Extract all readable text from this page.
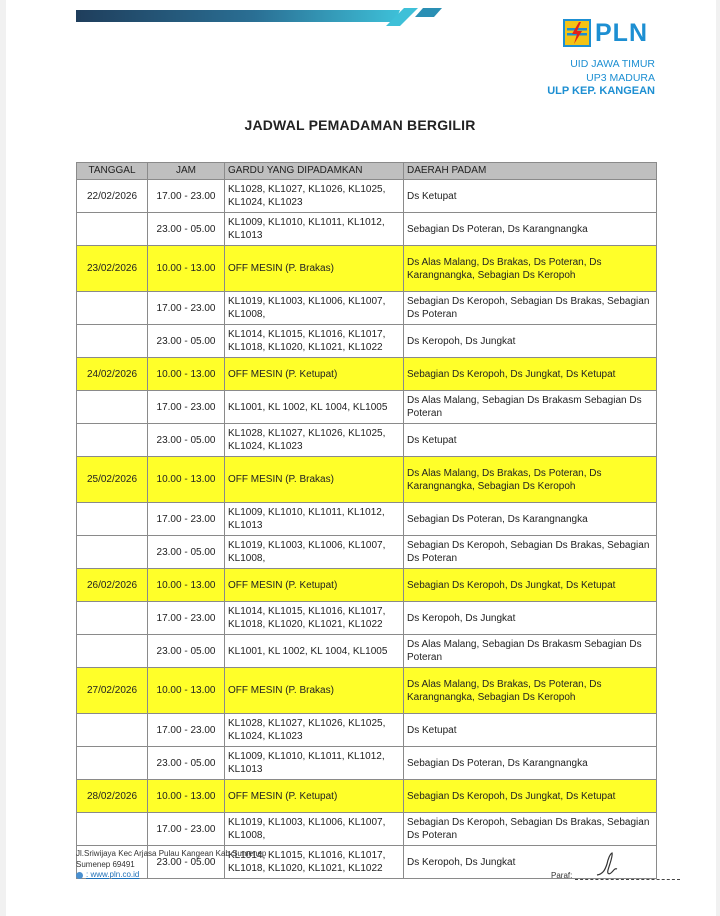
PLN
UID JAWA TIMUR
UP3 MADURA
ULP KEP. KANGEAN
JADWAL PEMADAMAN BERGILIR
TANGGAL	JAM	GARDU YANG DIPADAMKAN	DAERAH PADAM
22/02/2026	17.00 - 23.00	KL1028, KL1027, KL1026, KL1025, KL1024, KL1023	Ds Ketupat
	23.00 - 05.00	KL1009, KL1010, KL1011, KL1012, KL1013	Sebagian Ds Poteran, Ds Karangnangka
23/02/2026	10.00 - 13.00	OFF MESIN (P. Brakas)	Ds Alas Malang, Ds Brakas, Ds Poteran, Ds Karangnangka, Sebagian Ds Keropoh
	17.00 - 23.00	KL1019, KL1003, KL1006, KL1007, KL1008,	Sebagian Ds Keropoh, Sebagian Ds Brakas, Sebagian Ds Poteran
	23.00 - 05.00	KL1014, KL1015, KL1016, KL1017, KL1018, KL1020, KL1021, KL1022	Ds Keropoh, Ds Jungkat
24/02/2026	10.00 - 13.00	OFF MESIN (P. Ketupat)	Sebagian Ds Keropoh, Ds Jungkat, Ds Ketupat
	17.00 - 23.00	KL1001, KL 1002, KL 1004, KL1005	Ds Alas Malang, Sebagian Ds Brakasm Sebagian Ds Poteran
	23.00 - 05.00	KL1028, KL1027, KL1026, KL1025, KL1024, KL1023	Ds Ketupat
25/02/2026	10.00 - 13.00	OFF MESIN (P. Brakas)	Ds Alas Malang, Ds Brakas, Ds Poteran, Ds Karangnangka, Sebagian Ds Keropoh
	17.00 - 23.00	KL1009, KL1010, KL1011, KL1012, KL1013	Sebagian Ds Poteran, Ds Karangnangka
	23.00 - 05.00	KL1019, KL1003, KL1006, KL1007, KL1008,	Sebagian Ds Keropoh, Sebagian Ds Brakas, Sebagian Ds Poteran
26/02/2026	10.00 - 13.00	OFF MESIN (P. Ketupat)	Sebagian Ds Keropoh, Ds Jungkat, Ds Ketupat
	17.00 - 23.00	KL1014, KL1015, KL1016, KL1017, KL1018, KL1020, KL1021, KL1022	Ds Keropoh, Ds Jungkat
	23.00 - 05.00	KL1001, KL 1002, KL 1004, KL1005	Ds Alas Malang, Sebagian Ds Brakasm Sebagian Ds Poteran
27/02/2026	10.00 - 13.00	OFF MESIN (P. Brakas)	Ds Alas Malang, Ds Brakas, Ds Poteran, Ds Karangnangka, Sebagian Ds Keropoh
	17.00 - 23.00	KL1028, KL1027, KL1026, KL1025, KL1024, KL1023	Ds Ketupat
	23.00 - 05.00	KL1009, KL1010, KL1011, KL1012, KL1013	Sebagian Ds Poteran, Ds Karangnangka
28/02/2026	10.00 - 13.00	OFF MESIN (P. Ketupat)	Sebagian Ds Keropoh, Ds Jungkat, Ds Ketupat
	17.00 - 23.00	KL1019, KL1003, KL1006, KL1007, KL1008,	Sebagian Ds Keropoh, Sebagian Ds Brakas, Sebagian Ds Poteran
	23.00 - 05.00	KL1014, KL1015, KL1016, KL1017, KL1018, KL1020, KL1021, KL1022	Ds Keropoh, Ds Jungkat
Jl.Sriwijaya Kec Arjasa Pulau Kangean Kab Sumenep
Sumenep 69491
: www.pln.co.id	Paraf:
